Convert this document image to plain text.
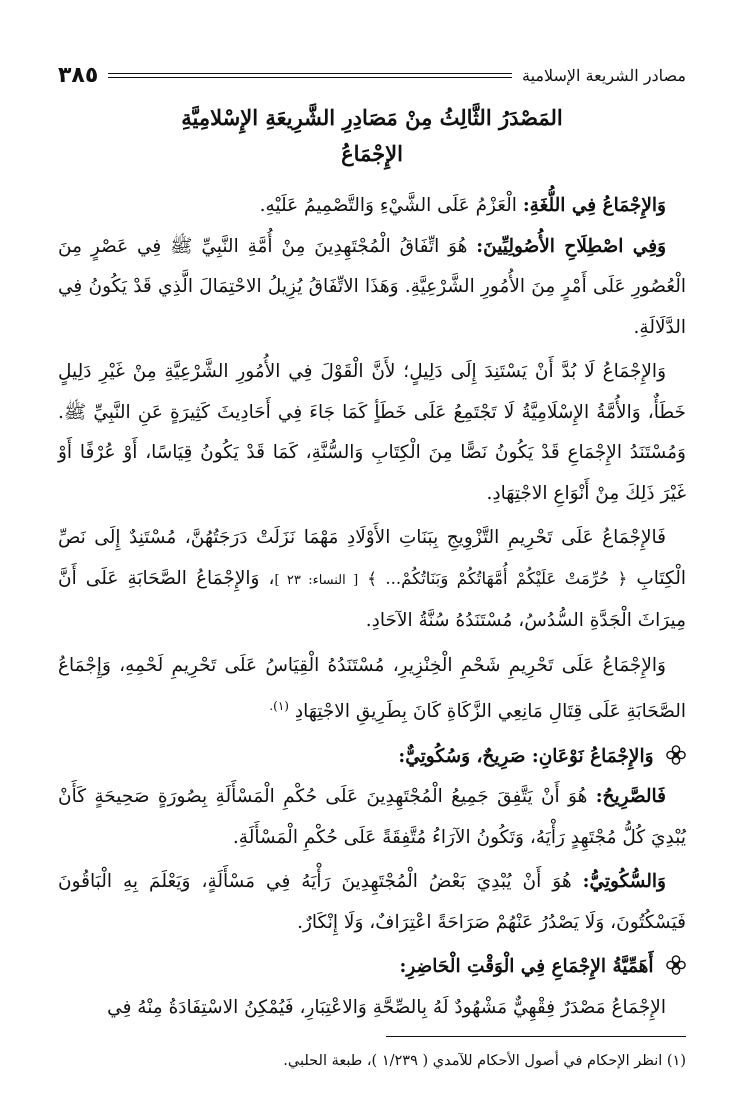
مصادر الشريعة الإسلامية
٣٨٥
المَصْدَرُ الثَّالِثُ مِنْ مَصَادِرِ الشَّرِيعَةِ الإِسْلامِيَّةِ
الإِجْمَاعُ

وَالإِجْمَاعُ فِي اللُّغَةِ: الْعَزْمُ عَلَى الشَّيْءِ وَالتَّصْمِيمُ عَلَيْهِ.

وَفِي اصْطِلَاحِ الأُصُولِيِّينَ: هُوَ اتِّفَاقُ الْمُجْتَهِدِينَ مِنْ أُمَّةِ النَّبِيِّ ﷺ فِي عَصْرٍ مِنَ الْعُصُورِ عَلَى أَمْرٍ مِنَ الأُمُورِ الشَّرْعِيَّةِ. وَهَذَا الاتِّفَاقُ يُزِيلُ الاحْتِمَالَ الَّذِي قَدْ يَكُونُ فِي الدَّلَالَةِ.

وَالإِجْمَاعُ لَا بُدَّ أَنْ يَسْتَنِدَ إِلَى دَلِيلٍ؛ لأَنَّ الْقَوْلَ فِي الأُمُورِ الشَّرْعِيَّةِ مِنْ غَيْرِ دَلِيلٍ خَطَأٌ، وَالأُمَّةُ الإِسْلَامِيَّةُ لَا تَجْتَمِعُ عَلَى خَطَأٍ كَمَا جَاءَ فِي أَحَادِيثَ كَثِيرَةٍ عَنِ النَّبِيِّ ﷺ. وَمُسْتَنَدُ الإِجْمَاعِ قَدْ يَكُونُ نَصًّا مِنَ الْكِتَابِ وَالسُّنَّةِ، كَمَا قَدْ يَكُونُ قِيَاسًا، أَوْ عُرْفًا أَوْ غَيْرَ ذَلِكَ مِنْ أَنْوَاعِ الاجْتِهَادِ.

فَالإِجْمَاعُ عَلَى تَحْرِيمِ التَّزْوِيجِ بِبَنَاتِ الأَوْلَادِ مَهْمَا نَزَلَتْ دَرَجَتُهُنَّ، مُسْتَنِدٌ إِلَى نَصِّ الْكِتَابِ ﴿ حُرِّمَتْ عَلَيْكُمْ أُمَّهَاتُكُمْ وَبَنَاتُكُمْ... ﴾ [ النساء: ٢٣ ]، وَالإِجْمَاعُ الصَّحَابَةِ عَلَى أَنَّ مِيرَاثَ الْجَدَّةِ السُّدُسُ، مُسْتَنَدُهُ سُنَّةُ الآحَادِ.

وَالإِجْمَاعُ عَلَى تَحْرِيمِ شَحْمِ الْخِنْزِيرِ، مُسْتَنَدُهُ الْقِيَاسُ عَلَى تَحْرِيمِ لَحْمِهِ، وَإِجْمَاعُ الصَّحَابَةِ عَلَى قِتَالِ مَانِعِي الزَّكَاةِ كَانَ بِطَرِيقِ الاجْتِهَادِ $^{(١).}$

وَالإِجْمَاعُ نَوْعَانِ: صَرِيحٌ، وَسُكُوتِيٌّ:

فَالصَّرِيحُ: هُوَ أَنْ يَتَّفِقَ جَمِيعُ الْمُجْتَهِدِينَ عَلَى حُكْمِ الْمَسْأَلَةِ بِصُورَةٍ صَحِيحَةٍ كَأَنْ يُبْدِيَ كُلُّ مُجْتَهِدٍ رَأْيَهُ، وَتَكُونُ الآرَاءُ مُتَّفِقَةً عَلَى حُكْمِ الْمَسْأَلَةِ.

وَالسُّكُوتِيُّ: هُوَ أَنْ يُبْدِيَ بَعْضُ الْمُجْتَهِدِينَ رَأْيَهُ فِي مَسْأَلَةٍ، وَيَعْلَمَ بِهِ الْبَاقُونَ فَيَسْكُتُونَ، وَلَا يَصْدُرُ عَنْهُمْ صَرَاحَةً اعْتِرَافٌ، وَلَا إِنْكَارٌ.

أَهَمِّيَّةُ الإِجْمَاعِ فِي الْوَقْتِ الْحَاضِرِ:

الإِجْمَاعُ مَصْدَرٌ فِقْهِيٌّ مَشْهُودٌ لَهُ بِالصِّحَّةِ وَالاعْتِبَارِ، فَيُمْكِنُ الاسْتِفَادَةُ مِنْهُ فِي

(١) انظر الإحكام في أصول الأحكام للآمدي ( ١/٢٣٩ )، طبعة الحلبي.
